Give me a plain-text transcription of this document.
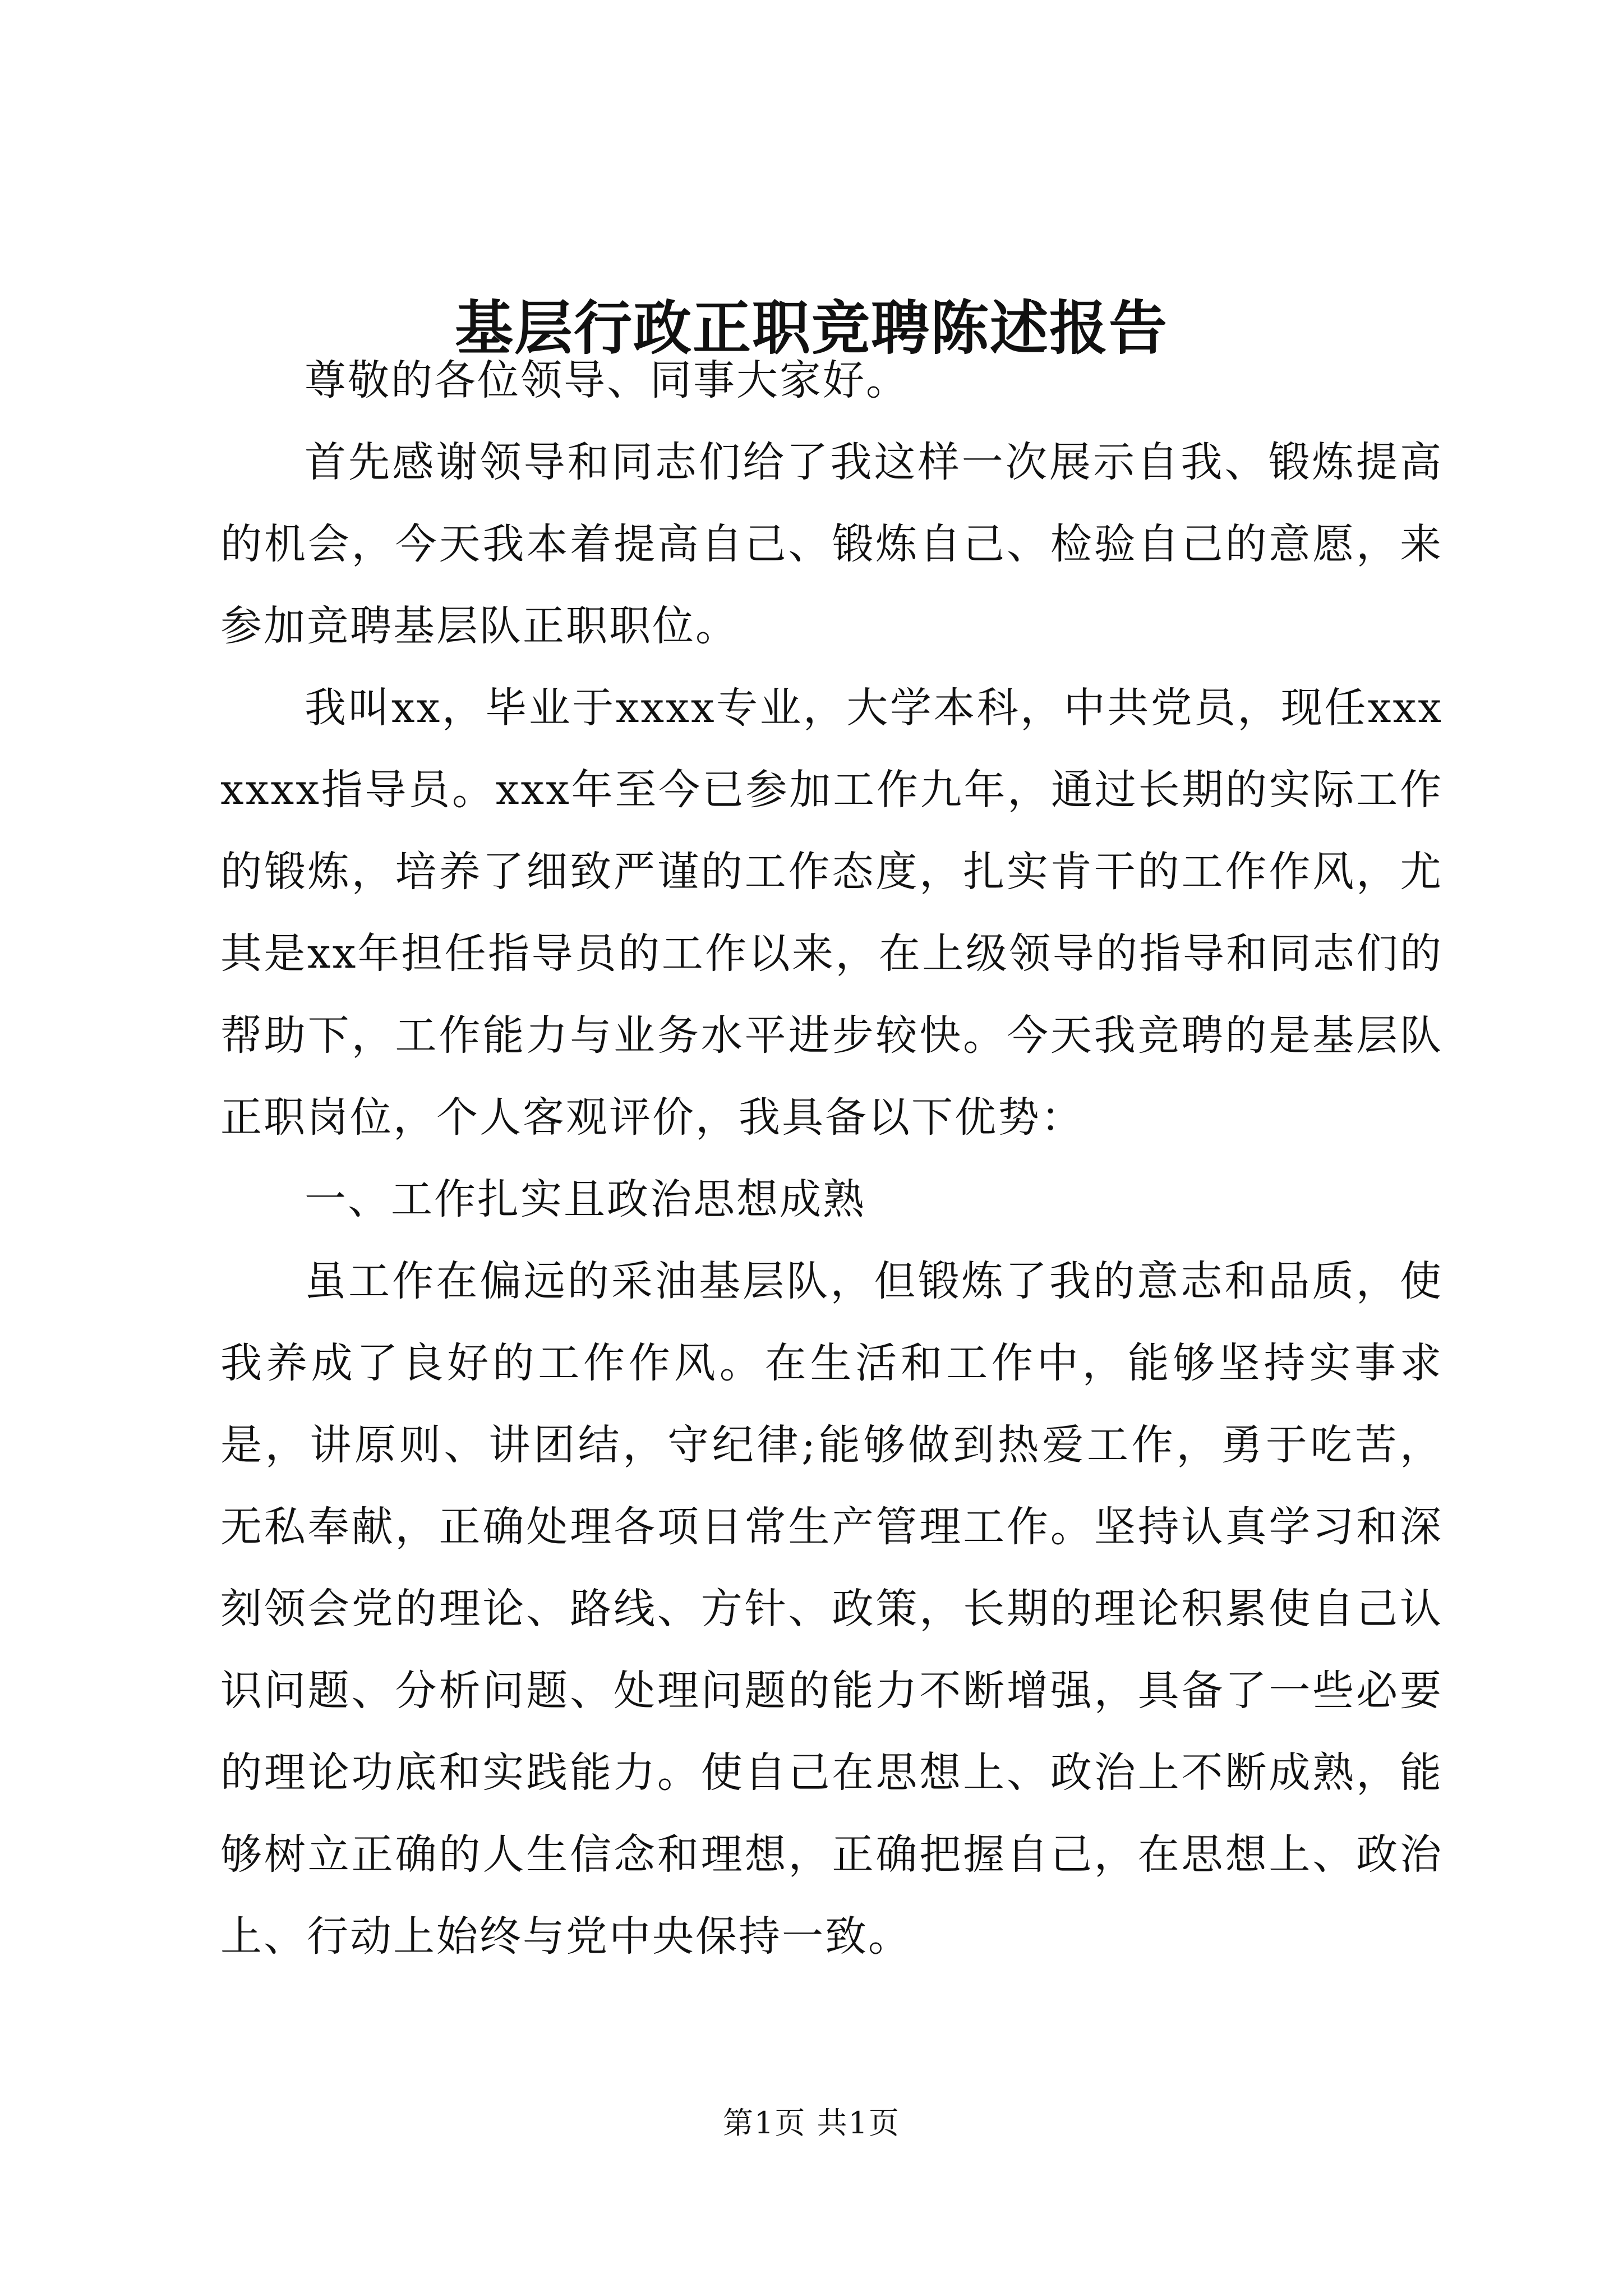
基层行政正职竞聘陈述报告

尊敬的各位领导、同事大家好。

首先感谢领导和同志们给了我这样一次展示自我、锻炼提高的机会，今天我本着提高自己、锻炼自己、检验自己的意愿，来参加竞聘基层队正职职位。

我叫xx，毕业于xxxx专业，大学本科，中共党员，现任xxxxxxx指导员。xxx年至今已参加工作九年，通过长期的实际工作的锻炼，培养了细致严谨的工作态度，扎实肯干的工作作风，尤其是xx年担任指导员的工作以来，在上级领导的指导和同志们的帮助下，工作能力与业务水平进步较快。今天我竞聘的是基层队正职岗位，个人客观评价，我具备以下优势：

一、工作扎实且政治思想成熟

虽工作在偏远的采油基层队，但锻炼了我的意志和品质，使我养成了良好的工作作风。在生活和工作中，能够坚持实事求是，讲原则、讲团结，守纪律;能够做到热爱工作，勇于吃苦，无私奉献，正确处理各项日常生产管理工作。坚持认真学习和深刻领会党的理论、路线、方针、政策，长期的理论积累使自己认识问题、分析问题、处理问题的能力不断增强，具备了一些必要的理论功底和实践能力。使自己在思想上、政治上不断成熟，能够树立正确的人生信念和理想，正确把握自己，在思想上、政治上、行动上始终与党中央保持一致。

第1页 共1页
